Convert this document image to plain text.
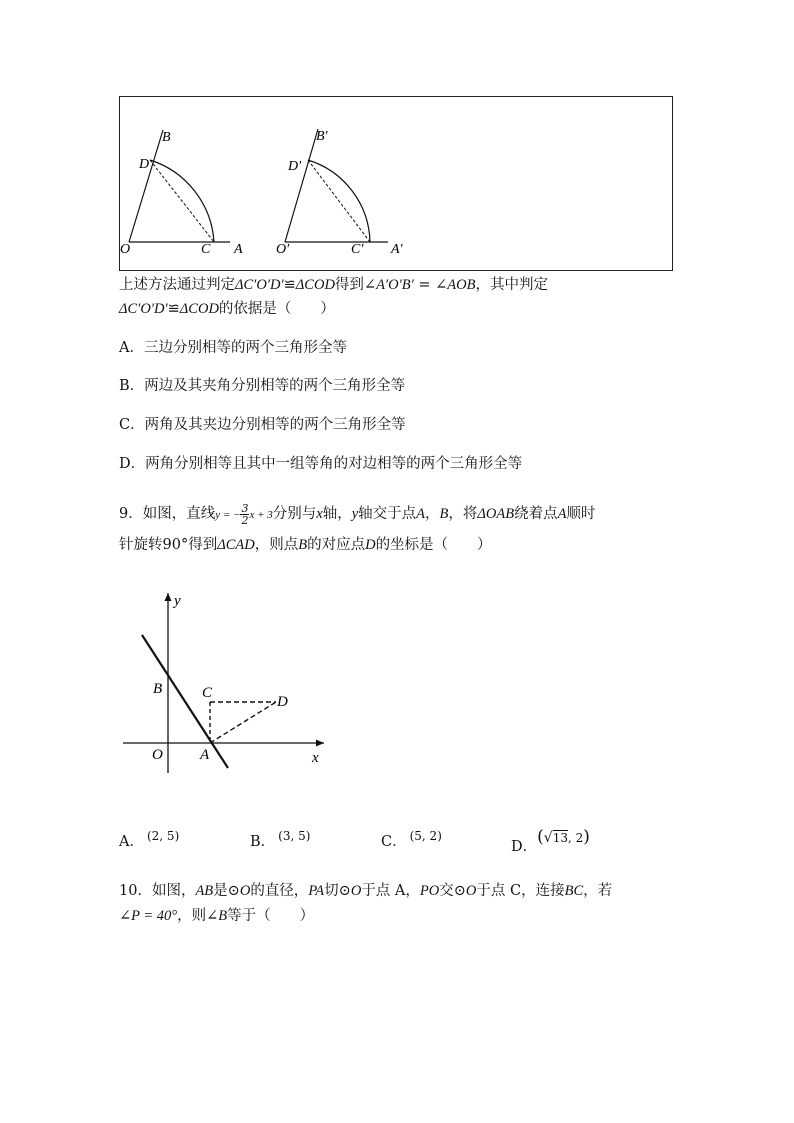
B
D
O	C A
B′
D′
O′	C′ A′
上述方法通过判定ΔC′O′D′≌ΔCOD得到∠A′O′B′ = ∠AOB，其中判定
ΔC′O′D′≌ΔCOD的依据是（　　）
A．三边分别相等的两个三角形全等
B．两边及其夹角分别相等的两个三角形全等
C．两角及其夹边分别相等的两个三角形全等
D．两角分别相等且其中一组等角的对边相等的两个三角形全等
9．如图，直线y = − $\frac{3}{2}$ x + 3分别与x轴，y轴交于点A，B，将ΔOAB绕着点A顺时
针旋转90°得到ΔCAD，则点B的对应点D的坐标是（　　）
y
x
B	C
D
O A
A． $^{(2, 5)}$	B． $^{(3, 5)}$	C． $^{(5, 2)}$
D．(√$^{13, 2}$)
10．如图，AB是⊙O的直径，PA切⊙O于点 A，PO交⊙O于点 C，连接BC，若
∠P = 40°，则∠B等于（　　）
